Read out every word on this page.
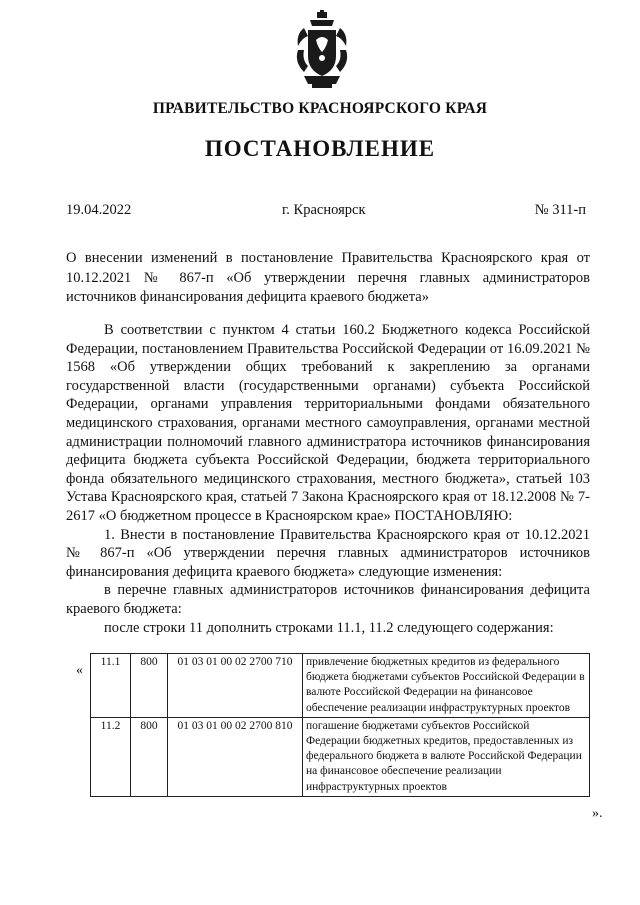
ПРАВИТЕЛЬСТВО КРАСНОЯРСКОГО КРАЯ
ПОСТАНОВЛЕНИЕ
19.04.2022	г. Красноярск	№ 311-п
О внесении изменений в постановление Правительства Красноярского края от 10.12.2021 № 867-п «Об утверждении перечня главных администраторов источников финансирования дефицита краевого бюджета»

В соответствии с пунктом 4 статьи 160.2 Бюджетного кодекса Российской Федерации, постановлением Правительства Российской Федерации от 16.09.2021 № 1568 «Об утверждении общих требований к закреплению за органами государственной власти (государственными органами) субъекта Российской Федерации, органами управления территориальными фондами обязательного медицинского страхования, органами местного самоуправления, органами местной администрации полномочий главного администратора источников финансирования дефицита бюджета субъекта Российской Федерации, бюджета территориального фонда обязательного медицинского страхования, местного бюджета», статьей 103 Устава Красноярского края, статьей 7 Закона Красноярского края от 18.12.2008 № 7-2617 «О бюджетном процессе в Красноярском крае» ПОСТАНОВЛЯЮ:

1. Внести в постановление Правительства Красноярского края от 10.12.2021 № 867-п «Об утверждении перечня главных администраторов источников финансирования дефицита краевого бюджета» следующие изменения:

в перечне главных администраторов источников финансирования дефицита краевого бюджета:

после строки 11 дополнить строками 11.1, 11.2 следующего содержания:

«
11.1	800	01 03 01 00 02 2700 710	привлечение бюджетных кредитов из федерального бюджета бюджетами субъектов Российской Федерации в валюте Российской Федерации на финансовое обеспечение реализации инфраструктурных проектов
11.2	800	01 03 01 00 02 2700 810	погашение бюджетами субъектов Российской Федерации бюджетных кредитов, предоставленных из федерального бюджета в валюте Российской Федерации на финансовое обеспечение реализации инфраструктурных проектов
».
